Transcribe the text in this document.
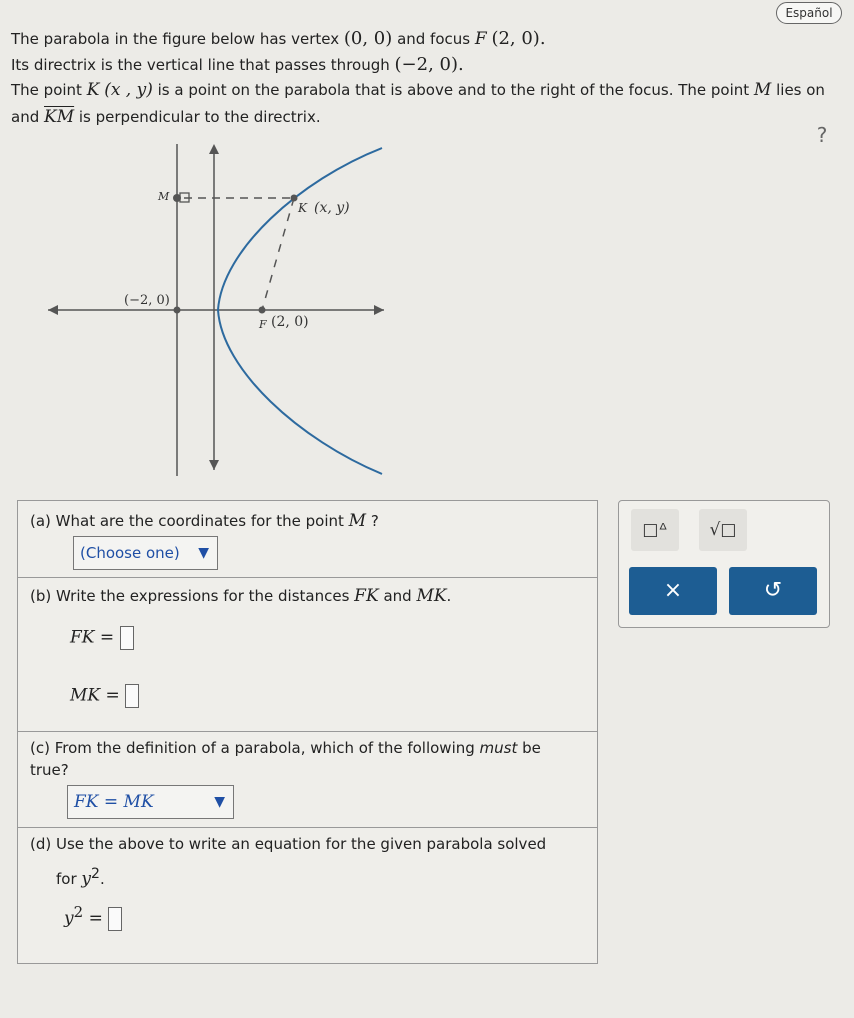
Español
The parabola in the figure below has vertex (0, 0) and focus F (2, 0).
Its directrix is the vertical line that passes through (−2, 0).
The point K (x , y) is a point on the parabola that is above and to the right of the focus. The point M lies on
and $\overline{KM}$ is perpendicular to the directrix.
?
M
K (x, y)
(−2, 0)
F (2, 0)
(a) What are the coordinates for the point M ?
(Choose one) ▼
(b) Write the expressions for the distances FK and MK.
FK =
MK =
(c) From the definition of a parabola, which of the following must be
true?
FK = MK	▼
(d) Use the above to write an equation for the given parabola solved
for $y^2$.
$y^2$ =
□ᐞ	√□
×	↺
